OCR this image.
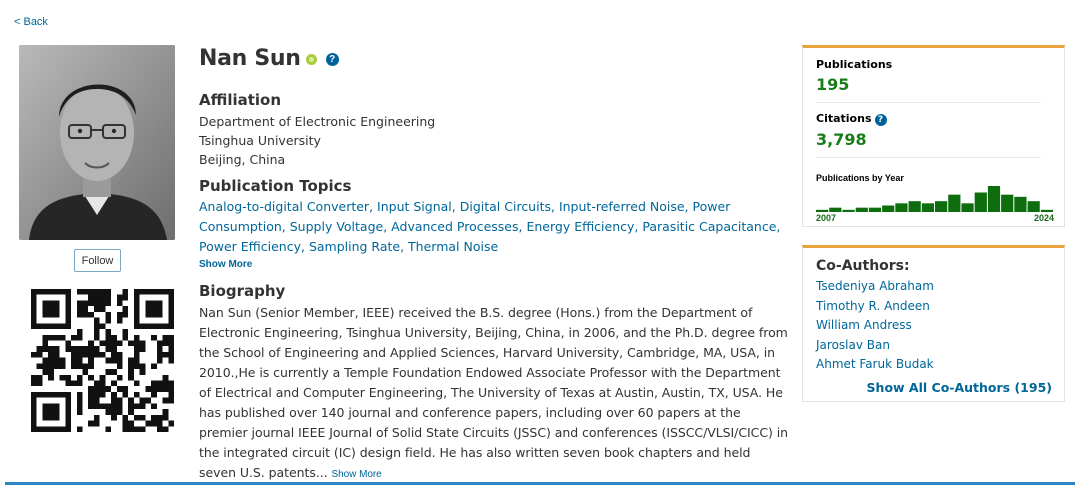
< Back
Follow
Nan Sun	?
Affiliation
Department of Electronic Engineering
Tsinghua University
Beijing, China
Publication Topics
Analog-to-digital Converter, Input Signal, Digital Circuits, Input-referred Noise, Power Consumption, Supply Voltage, Advanced Processes, Energy Efficiency, Parasitic Capacitance, Power Efficiency, Sampling Rate, Thermal Noise
Show More
Biography
Nan Sun (Senior Member, IEEE) received the B.S. degree (Hons.) from the Department of Electronic Engineering, Tsinghua University, Beijing, China, in 2006, and the Ph.D. degree from the School of Engineering and Applied Sciences, Harvard University, Cambridge, MA, USA, in 2010.,He is currently a Temple Foundation Endowed Associate Professor with the Department of Electrical and Computer Engineering, The University of Texas at Austin, Austin, TX, USA. He has published over 140 journal and conference papers, including over 60 papers at the premier journal IEEE Journal of Solid State Circuits (JSSC) and conferences (ISSCC/VLSI/CICC) in the integrated circuit (IC) design field. He has also written seven book chapters and held seven U.S. patents... Show More
Publications
195
Citations ?
3,798
Publications by Year
2007	2024
Co-Authors:
Tsedeniya Abraham
Timothy R. Andeen
William Andress
Jaroslav Ban
Ahmet Faruk Budak
Show All Co-Authors (195)
